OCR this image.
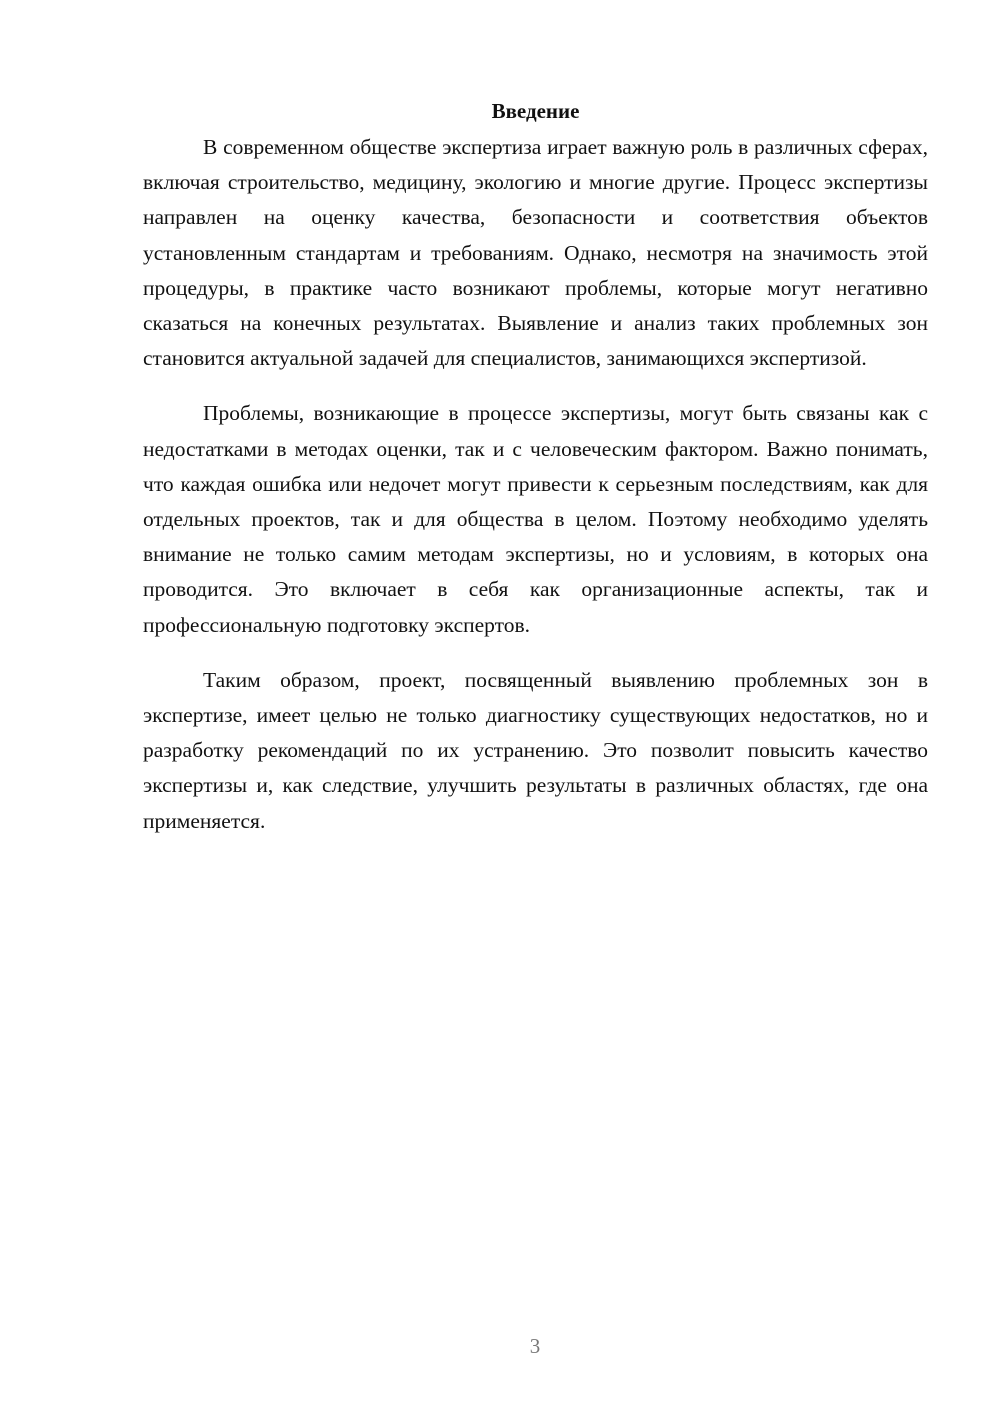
Введение

В современном обществе экспертиза играет важную роль в различных сферах, включая строительство, медицину, экологию и многие другие. Процесс экспертизы направлен на оценку качества, безопасности и соответствия объектов установленным стандартам и требованиям. Однако, несмотря на значимость этой процедуры, в практике часто возникают проблемы, которые могут негативно сказаться на конечных результатах. Выявление и анализ таких проблемных зон становится актуальной задачей для специалистов, занимающихся экспертизой.

Проблемы, возникающие в процессе экспертизы, могут быть связаны как с недостатками в методах оценки, так и с человеческим фактором. Важно понимать, что каждая ошибка или недочет могут привести к серьезным последствиям, как для отдельных проектов, так и для общества в целом. Поэтому необходимо уделять внимание не только самим методам экспертизы, но и условиям, в которых она проводится. Это включает в себя как организационные аспекты, так и профессиональную подготовку экспертов.

Таким образом, проект, посвященный выявлению проблемных зон в экспертизе, имеет целью не только диагностику существующих недостатков, но и разработку рекомендаций по их устранению. Это позволит повысить качество экспертизы и, как следствие, улучшить результаты в различных областях, где она применяется.

3
